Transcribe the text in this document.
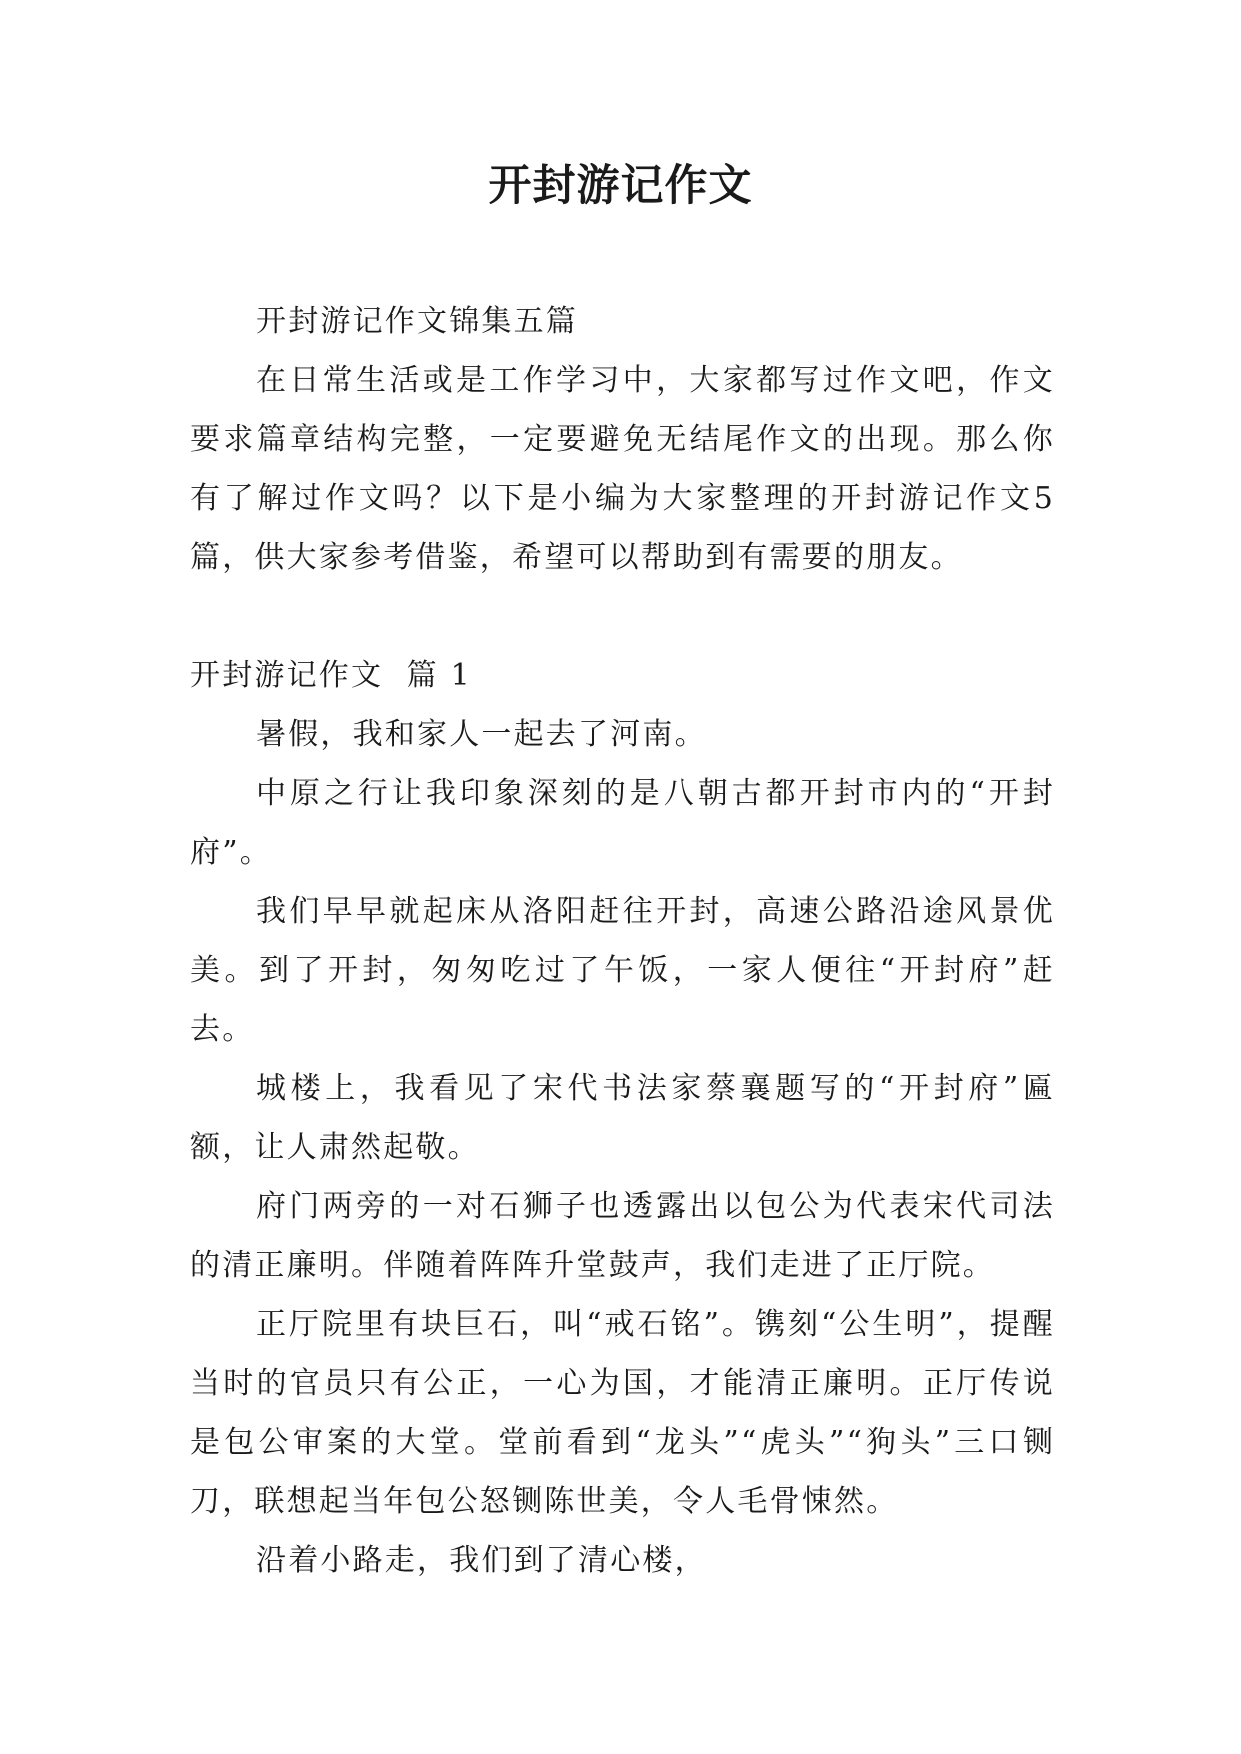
开封游记作文

开封游记作文锦集五篇

在日常生活或是工作学习中，大家都写过作文吧，作文要求篇章结构完整，一定要避免无结尾作文的出现。那么你有了解过作文吗？以下是小编为大家整理的开封游记作文5篇，供大家参考借鉴，希望可以帮助到有需要的朋友。

开封游记作文  篇 1

暑假，我和家人一起去了河南。

中原之行让我印象深刻的是八朝古都开封市内的“开封府”。

我们早早就起床从洛阳赶往开封，高速公路沿途风景优美。到了开封，匆匆吃过了午饭，一家人便往“开封府”赶去。

城楼上，我看见了宋代书法家蔡襄题写的“开封府”匾额，让人肃然起敬。

府门两旁的一对石狮子也透露出以包公为代表宋代司法的清正廉明。伴随着阵阵升堂鼓声，我们走进了正厅院。

正厅院里有块巨石，叫“戒石铭”。镌刻“公生明”，提醒当时的官员只有公正，一心为国，才能清正廉明。正厅传说是包公审案的大堂。堂前看到“龙头”“虎头”“狗头”三口铡刀，联想起当年包公怒铡陈世美，令人毛骨悚然。

沿着小路走，我们到了清心楼，
